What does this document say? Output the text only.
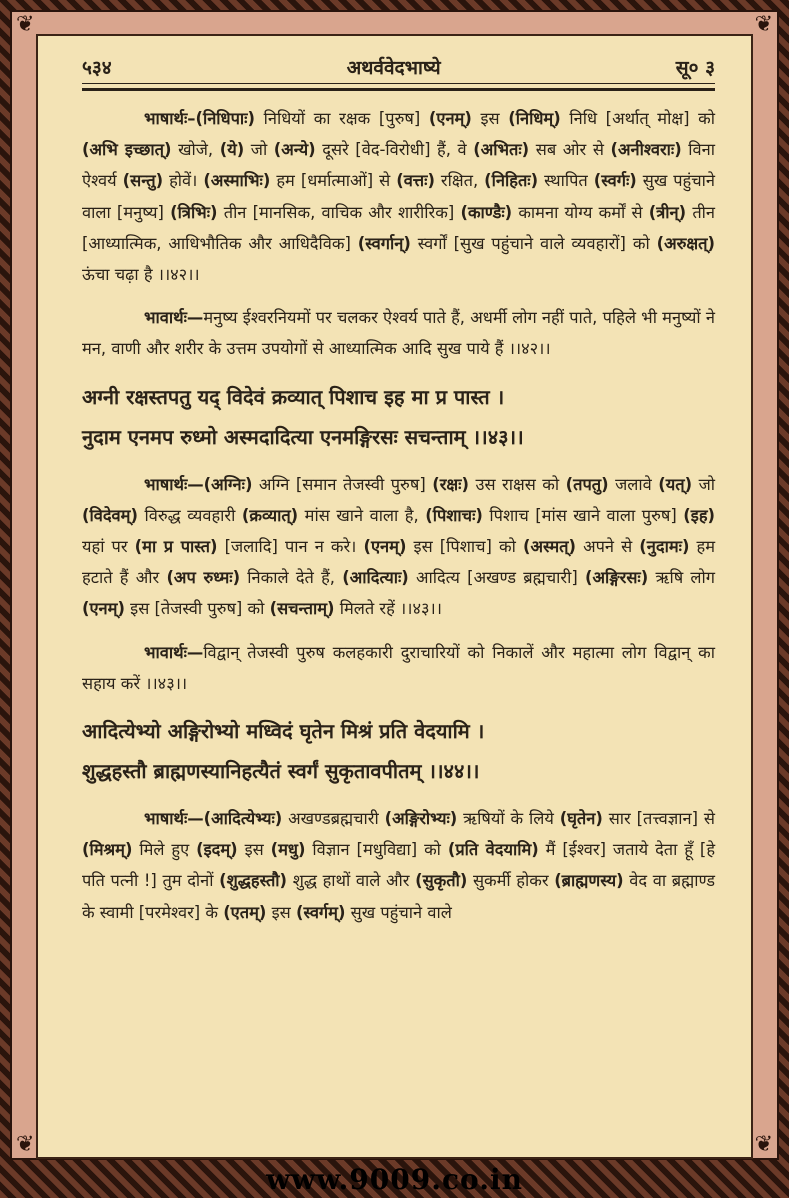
❦	❦
❦	❦
५३४	अथर्ववेदभाष्ये	सू० ३

भाषार्थः–(निधिपाः) निधियों का रक्षक [पुरुष] (एनम्) इस (निधिम्) निधि [अर्थात् मोक्ष] को (अभि इच्छात्) खोजे, (ये) जो (अन्ये) दूसरे [वेद-विरोधी] हैं, वे (अभितः) सब ओर से (अनीश्वराः) विना ऐश्वर्य (सन्तु) होवें। (अस्माभिः) हम [धर्मात्माओं] से (वत्तः) रक्षित, (निहितः) स्थापित (स्वर्गः) सुख पहुंचाने वाला [मनुष्य] (त्रिभिः) तीन [मानसिक, वाचिक और शारीरिक] (काण्डैः) कामना योग्य कर्मों से (त्रीन्) तीन [आध्यात्मिक, आधिभौतिक और आधिदैविक] (स्वर्गान्) स्वर्गों [सुख पहुंचाने वाले व्यवहारों] को (अरुक्षत्) ऊंचा चढ़ा है ।।४२।।

भावार्थः—मनुष्य ईश्वरनियमों पर चलकर ऐश्वर्य पाते हैं, अधर्मी लोग नहीं पाते, पहिले भी मनुष्यों ने मन, वाणी और शरीर के उत्तम उपयोगों से आध्यात्मिक आदि सुख पाये हैं ।।४२।।

अग्नी रक्षस्तपतु यद् विदेवं क्रव्यात् पिशाच इह मा प्र पास्त ।
नुदाम एनमप रुध्मो अस्मदादित्या एनमङ्गिरसः सचन्ताम् ।।४३।।

भाषार्थः—(अग्निः) अग्नि [समान तेजस्वी पुरुष] (रक्षः) उस राक्षस को (तपतु) जलावे (यत्) जो (विदेवम्) विरुद्ध व्यवहारी (क्रव्यात्) मांस खाने वाला है, (पिशाचः) पिशाच [मांस खाने वाला पुरुष] (इह) यहां पर (मा प्र पास्त) [जलादि] पान न करे। (एनम्) इस [पिशाच] को (अस्मत्) अपने से (नुदामः) हम हटाते हैं और (अप रुध्मः) निकाले देते हैं, (आदित्याः) आदित्य [अखण्ड ब्रह्मचारी] (अङ्गिरसः) ऋषि लोग (एनम्) इस [तेजस्वी पुरुष] को (सचन्ताम्) मिलते रहें ।।४३।।

भावार्थः—विद्वान् तेजस्वी पुरुष कलहकारी दुराचारियों को निकालें और महात्मा लोग विद्वान् का सहाय करें ।।४३।।

आदित्येभ्यो अङ्गिरोभ्यो मध्विदं घृतेन मिश्रं प्रति वेदयामि ।
शुद्धहस्तौ ब्राह्मणस्यानिहत्यैतं स्वर्गं सुकृतावपीतम् ।।४४।।

भाषार्थः—(आदित्येभ्यः) अखण्डब्रह्मचारी (अङ्गिरोभ्यः) ऋषियों के लिये (घृतेन) सार [तत्त्वज्ञान] से (मिश्रम्) मिले हुए (इदम्) इस (मधु) विज्ञान [मधुविद्या] को (प्रति वेदयामि) मैं [ईश्वर] जताये देता हूँ [हे पति पत्नी !] तुम दोनों (शुद्धहस्तौ) शुद्ध हाथों वाले और (सुकृतौ) सुकर्मी होकर (ब्राह्मणस्य) वेद वा ब्रह्माण्ड के स्वामी [परमेश्वर] के (एतम्) इस (स्वर्गम्) सुख पहुंचाने वाले

www.9009.co.in
